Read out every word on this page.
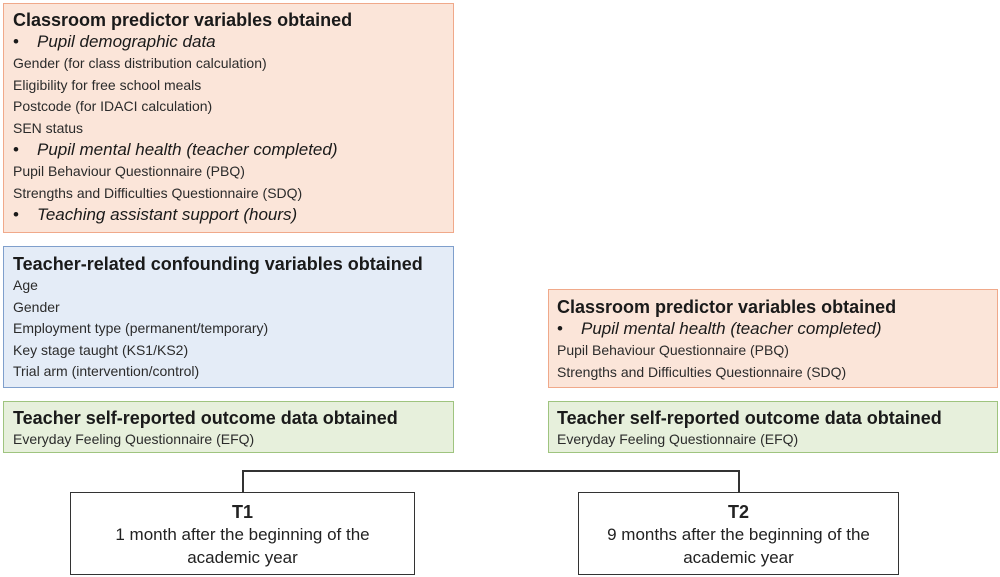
Classroom predictor variables obtained
• Pupil demographic data
Gender (for class distribution calculation)
Eligibility for free school meals
Postcode (for IDACI calculation)
SEN status
• Pupil mental health (teacher completed)
Pupil Behaviour Questionnaire (PBQ)
Strengths and Difficulties Questionnaire (SDQ)
• Teaching assistant support (hours)
Teacher-related confounding variables obtained
Age
Gender
Employment type (permanent/temporary)
Key stage taught (KS1/KS2)
Trial arm (intervention/control)
Teacher self-reported outcome data obtained
Everyday Feeling Questionnaire (EFQ)
Classroom predictor variables obtained
• Pupil mental health (teacher completed)
Pupil Behaviour Questionnaire (PBQ)
Strengths and Difficulties Questionnaire (SDQ)
Teacher self-reported outcome data obtained
Everyday Feeling Questionnaire (EFQ)
T1
1 month after the beginning of the
academic year
T2
9 months after the beginning of the
academic year
